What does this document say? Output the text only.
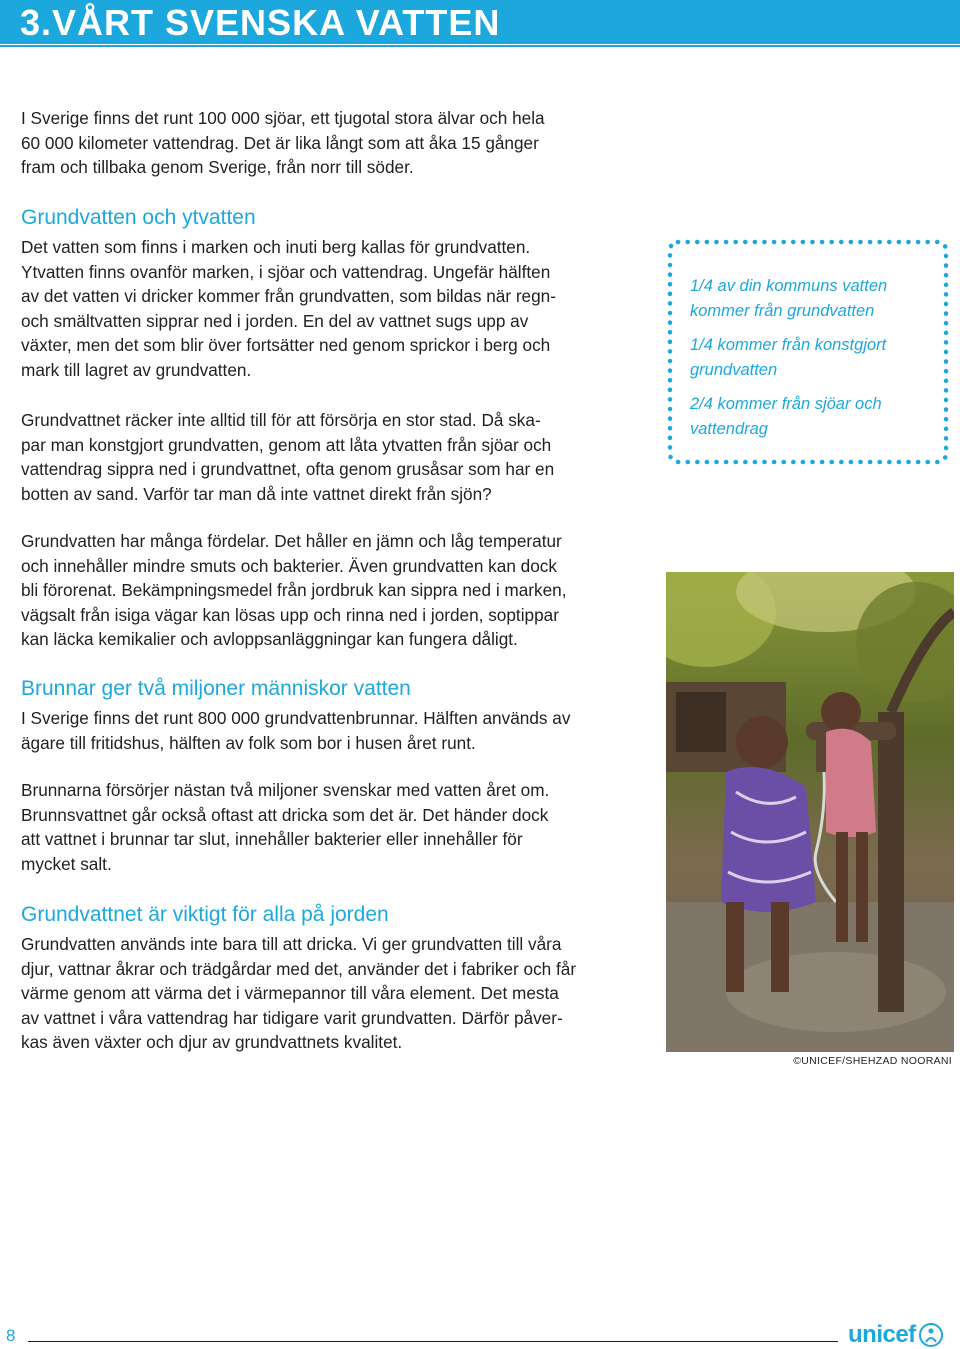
3.VÅRT SVENSKA VATTEN

I Sverige finns det runt 100 000 sjöar, ett tjugotal stora älvar och hela

60 000 kilometer vattendrag. Det är lika långt som att åka 15 gånger

fram och tillbaka genom Sverige, från norr till söder.

Grundvatten och ytvatten

Det vatten som finns i marken och inuti berg kallas för grundvatten.

Ytvatten finns ovanför marken, i sjöar och vattendrag. Ungefär hälften

av det vatten vi dricker kommer från grundvatten, som bildas när regn-

och smältvatten sipprar ned i jorden. En del av vattnet sugs upp av

växter, men det som blir över fortsätter ned genom sprickor i berg och

mark till lagret av grundvatten.

Grundvattnet räcker inte alltid till för att försörja en stor stad. Då ska-

par man konstgjort grundvatten, genom att låta ytvatten från sjöar och

vattendrag sippra ned i grundvattnet, ofta genom grusåsar som har en

botten av sand. Varför tar man då inte vattnet direkt från sjön?

Grundvatten har många fördelar. Det håller en jämn och låg temperatur

och innehåller mindre smuts och bakterier. Även grundvatten kan dock

bli förorenat. Bekämpningsmedel från jordbruk kan sippra ned i marken,

vägsalt från isiga vägar kan lösas upp och rinna ned i jorden, soptippar

kan läcka kemikalier och avloppsanläggningar kan fungera dåligt.

Brunnar ger två miljoner människor vatten

I Sverige finns det runt 800 000 grundvattenbrunnar. Hälften används av

ägare till fritidshus, hälften av folk som bor i husen året runt.

Brunnarna försörjer nästan två miljoner svenskar med vatten året om.

Brunnsvattnet går också oftast att dricka som det är. Det händer dock

att vattnet i brunnar tar slut, innehåller bakterier eller innehåller för

mycket salt.

Grundvattnet är viktigt för alla på jorden

Grundvatten används inte bara till att dricka. Vi ger grundvatten till våra

djur, vattnar åkrar och trädgårdar med det, använder det i fabriker och får

värme genom att värma det i värmepannor till våra element. Det mesta

av vattnet i våra vattendrag har tidigare varit grundvatten. Därför påver-

kas även växter och djur av grundvattnets kvalitet.

1/4 av din kommuns vatten
kommer från grundvatten
1/4 kommer från konstgjort
grundvatten
2/4 kommer från sjöar och
vattendrag

©UNICEF/SHEHZAD NOORANI

8	unicef
